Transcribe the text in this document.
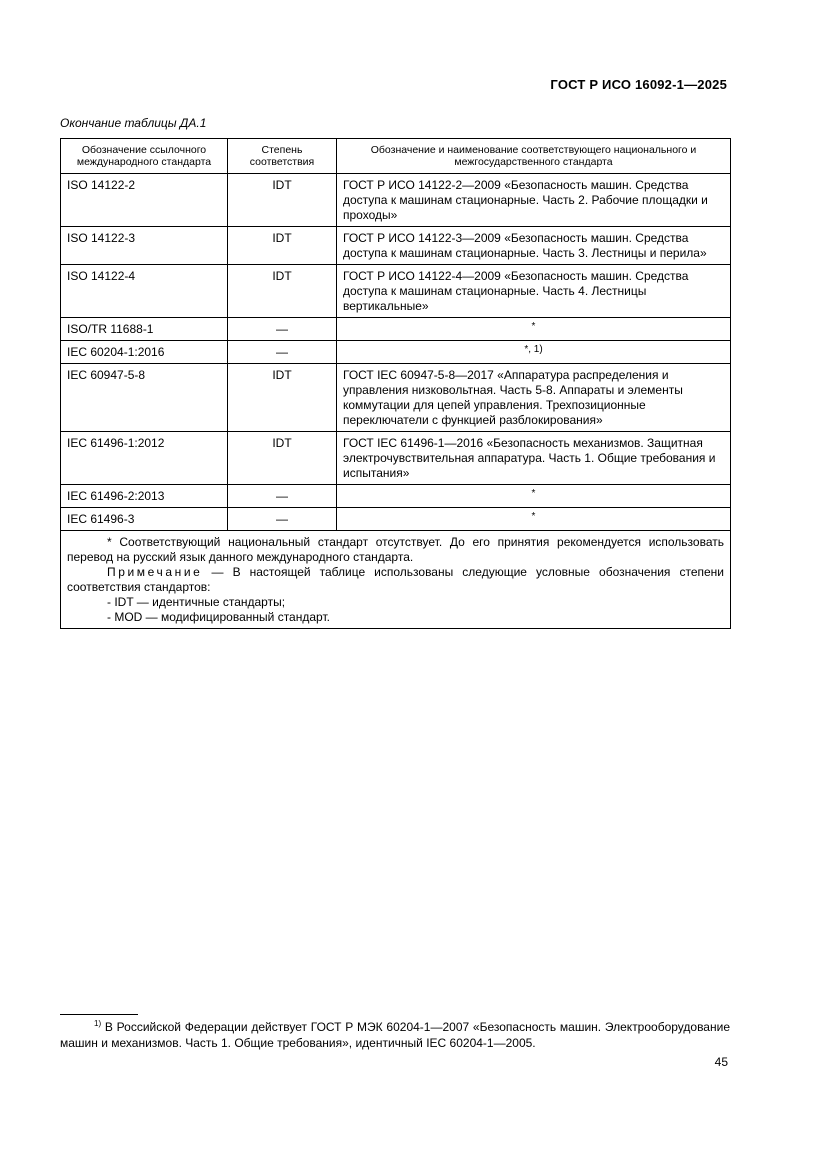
ГОСТ Р ИСО 16092-1—2025
Окончание таблицы ДА.1
Обозначение ссылочного международного стандарта	Степень соответствия	Обозначение и наименование соответствующего национального и межгосударственного стандарта
ISO 14122-2	IDT	ГОСТ Р ИСО 14122-2—2009 «Безопасность машин. Средства доступа к машинам стационарные. Часть 2. Рабочие площадки и проходы»
ISO 14122-3	IDT	ГОСТ Р ИСО 14122-3—2009 «Безопасность машин. Средства доступа к машинам стационарные. Часть 3. Лестницы и перила»
ISO 14122-4	IDT	ГОСТ Р ИСО 14122-4—2009 «Безопасность машин. Средства доступа к машинам стационарные. Часть 4. Лестницы вертикальные»
ISO/TR 11688-1	—	*
IEC 60204-1:2016	—	*, 1)
IEC 60947-5-8	IDT	ГОСТ IEC 60947-5-8—2017 «Аппаратура распределения и управления низковольтная. Часть 5-8. Аппараты и элементы коммутации для цепей управления. Трехпозиционные переключатели с функцией разблокирования»
IEC 61496-1:2012	IDT	ГОСТ IEC 61496-1—2016 «Безопасность механизмов. Защитная электрочувствительная аппаратура. Часть 1. Общие требования и испытания»
IEC 61496-2:2013	—	*
IEC 61496-3	—	*

* Соответствующий национальный стандарт отсутствует. До его принятия рекомендуется использовать перевод на русский язык данного международного стандарта.

Примечание — В настоящей таблице использованы следующие условные обозначения степени соответствия стандартов:

- IDT — идентичные стандарты;

- MOD — модифицированный стандарт.		

$^{1)}$ В Российской Федерации действует ГОСТ Р МЭК 60204-1—2007 «Безопасность машин. Электрооборудование машин и механизмов. Часть 1. Общие требования», идентичный IEC 60204-1—2005.
45
